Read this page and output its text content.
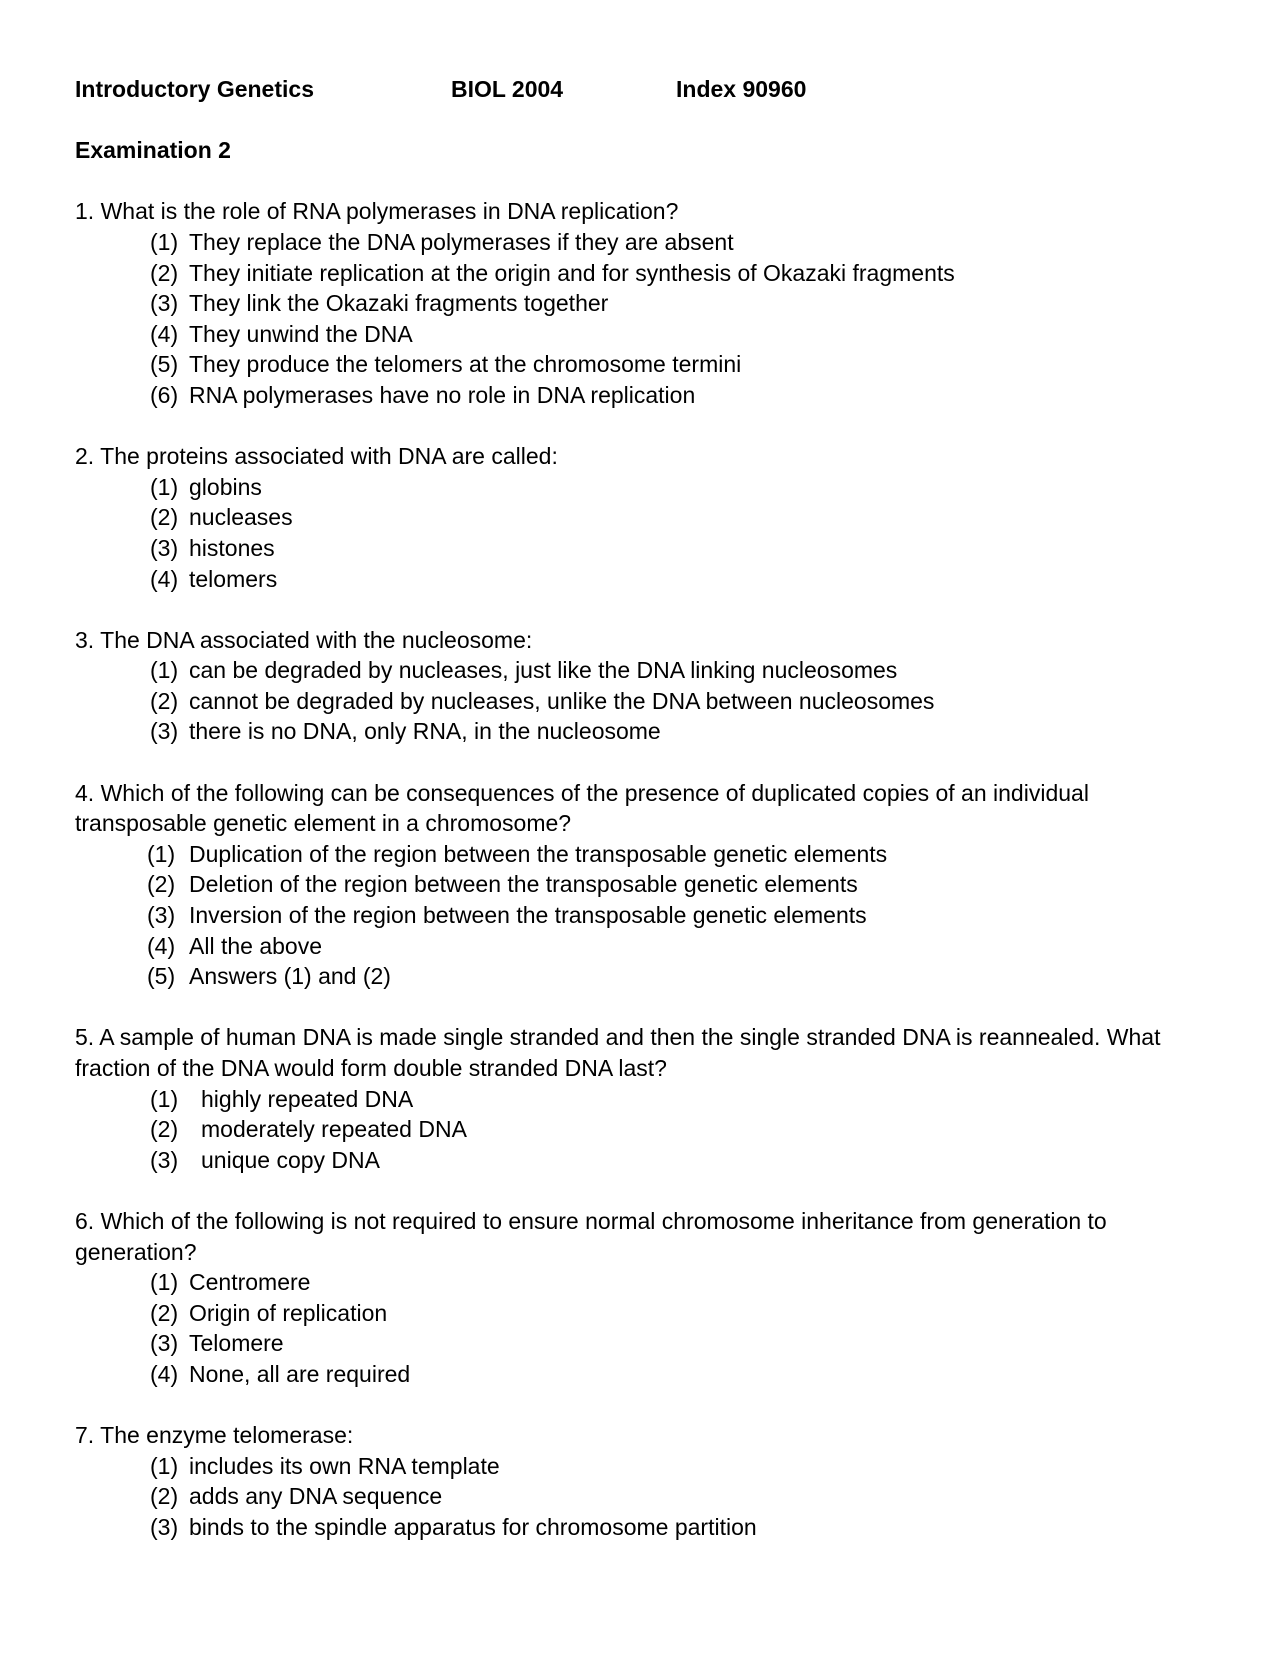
Introductory Genetics	BIOL 2004	Index 90960
Examination 2

1. What is the role of RNA polymerases in DNA replication?

(1) They replace the DNA polymerases if they are absent
(2) They initiate replication at the origin and for synthesis of Okazaki fragments
(3) They link the Okazaki fragments together
(4) They unwind the DNA
(5) They produce the telomers at the chromosome termini
(6) RNA polymerases have no role in DNA replication

2. The proteins associated with DNA are called:

(1) globins
(2) nucleases
(3) histones
(4) telomers

3. The DNA associated with the nucleosome:

(1) can be degraded by nucleases, just like the DNA linking nucleosomes
(2) cannot be degraded by nucleases, unlike the DNA between nucleosomes
(3) there is no DNA, only RNA, in the nucleosome

4. Which of the following can be consequences of the presence of duplicated copies of an individual transposable genetic element in a chromosome?

(1) Duplication of the region between the transposable genetic elements
(2) Deletion of the region between the transposable genetic elements
(3) Inversion of the region between the transposable genetic elements
(4) All the above
(5) Answers (1) and (2)

5. A sample of human DNA is made single stranded and then the single stranded DNA is reannealed. What fraction of the DNA would form double stranded DNA last?

(1) highly repeated DNA
(2) moderately repeated DNA
(3) unique copy DNA

6. Which of the following is not required to ensure normal chromosome inheritance from generation to generation?

(1) Centromere
(2) Origin of replication
(3) Telomere
(4) None, all are required

7. The enzyme telomerase:

(1) includes its own RNA template
(2) adds any DNA sequence
(3) binds to the spindle apparatus for chromosome partition
